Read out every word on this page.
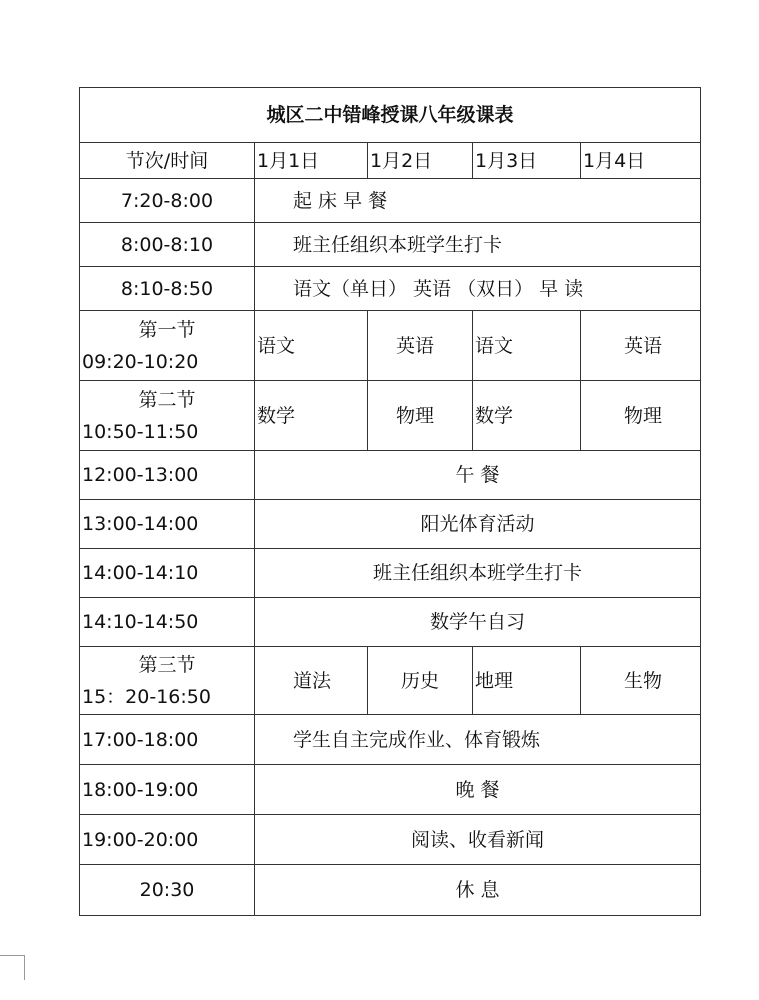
城区二中错峰授课八年级课表				
节次/时间	1月1日	1月2日	1月3日	1月4日
7:20-8:00	起 床 早 餐			
8:00-8:10	班主任组织本班学生打卡			
8:10-8:50	语文（单日） 英语 （双日） 早 读			

第一节
09:20-10:20	语文	英语	语文	英语

第二节
10:50-11:50	数学	物理	数学	物理
12:00-13:00	午 餐			
13:00-14:00	阳光体育活动			
14:00-14:10	班主任组织本班学生打卡			
14:10-14:50	数学午自习			

第三节
15：20-16:50	道法	历史	地理	生物
17:00-18:00	学生自主完成作业、体育锻炼			
18:00-19:00	晚 餐			
19:00-20:00	阅读、收看新闻			
20:30	休 息			
